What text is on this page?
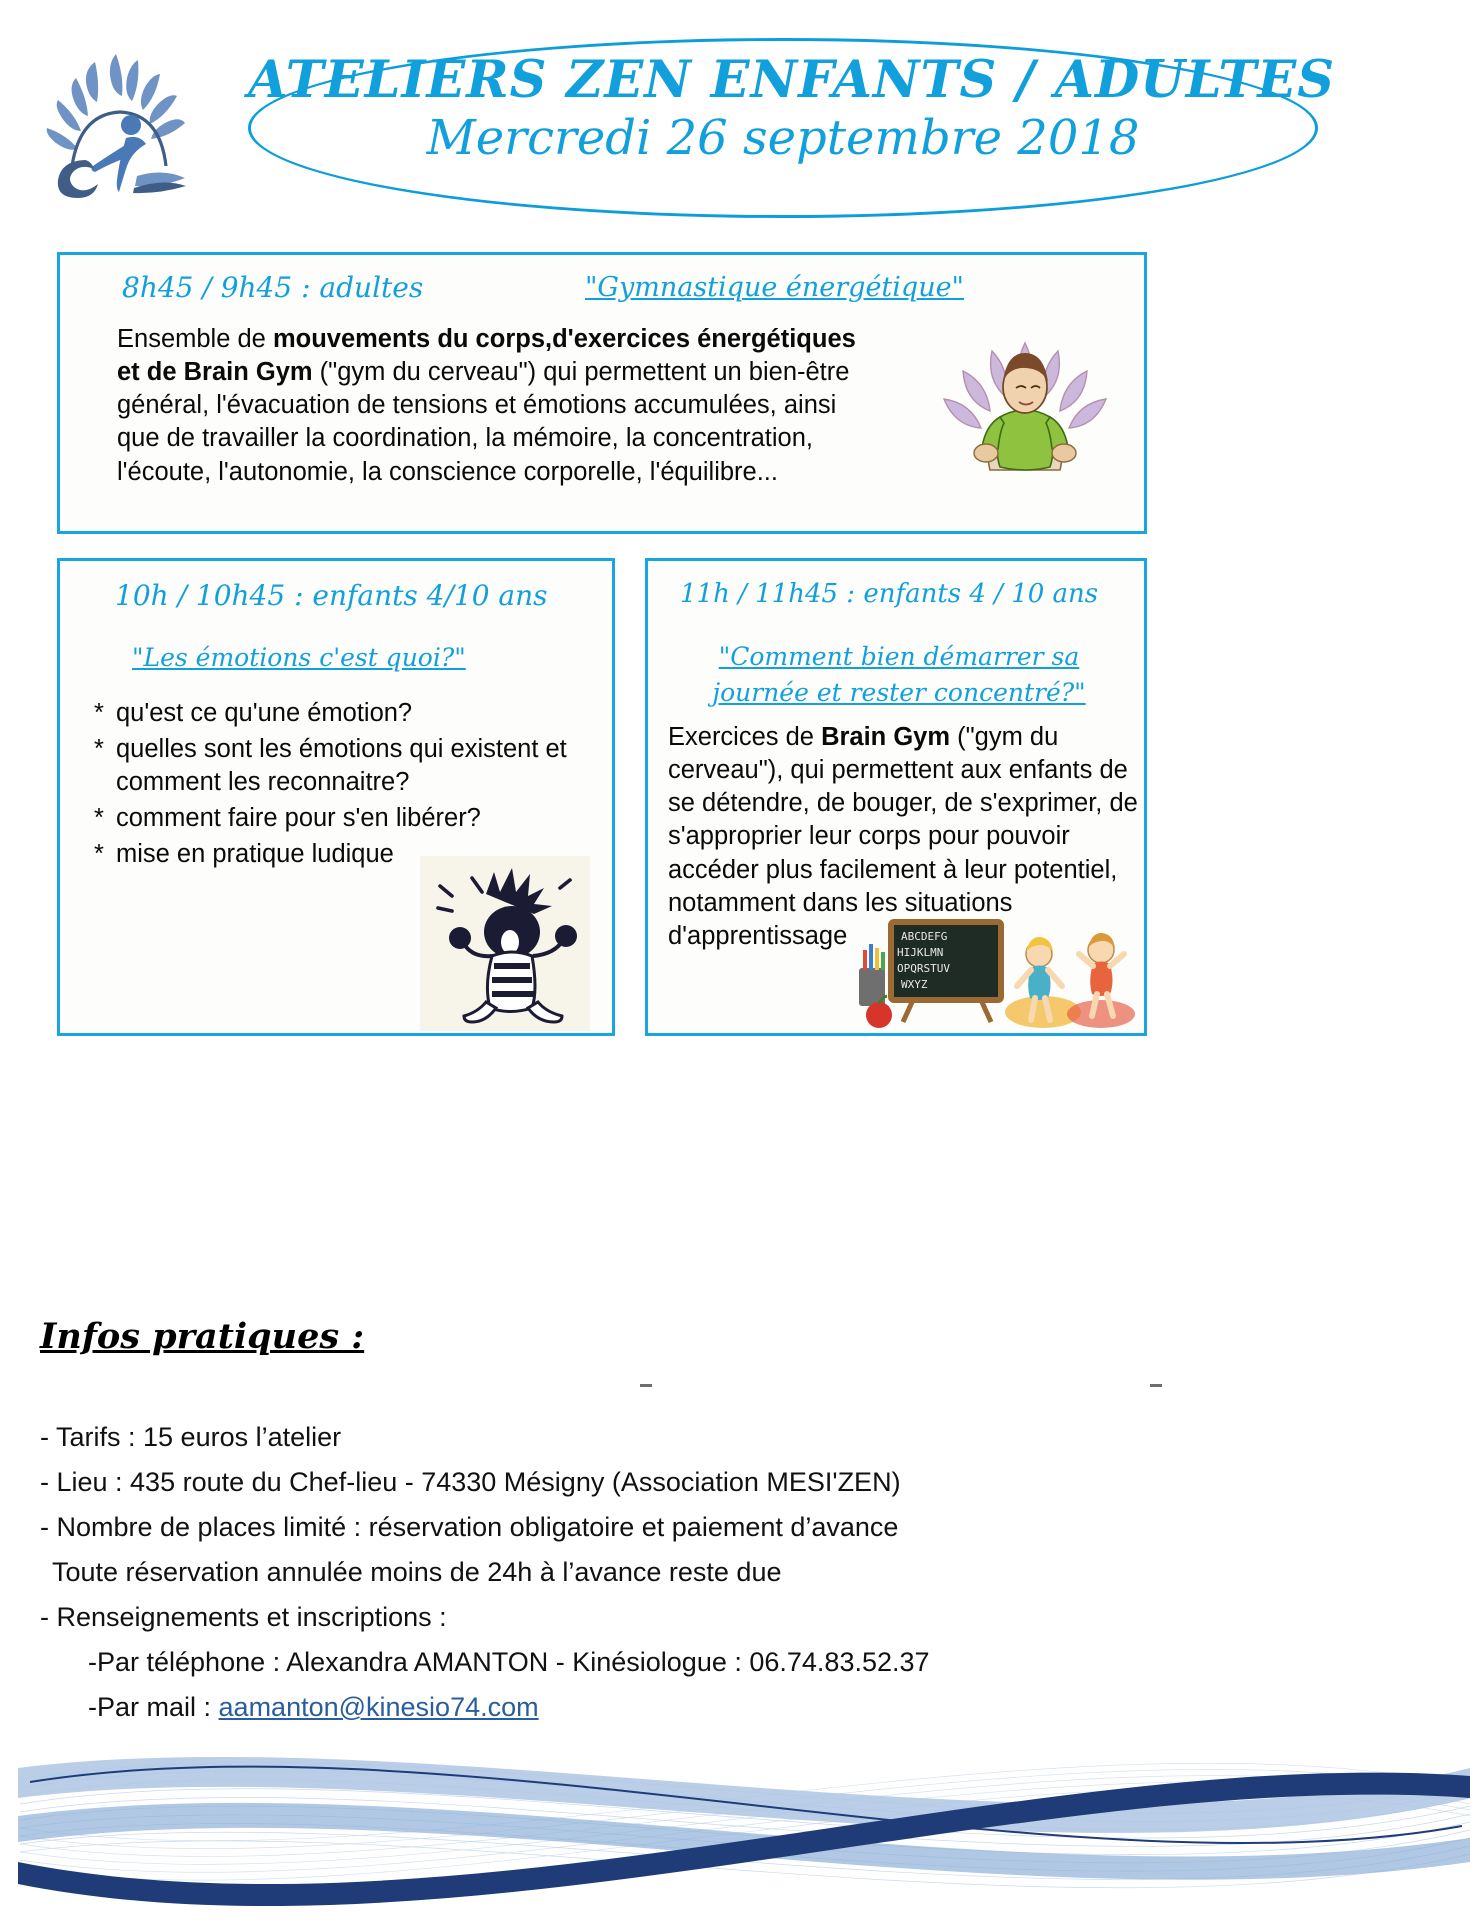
ATELIERS ZEN ENFANTS / ADULTES
Mercredi 26 septembre 2018
8h45 / 9h45 : adultes	"Gymnastique énergétique"
Ensemble de mouvements du corps,d'exercices énergétiques et de Brain Gym ("gym du cerveau") qui permettent un bien-être général, l'évacuation de tensions et émotions accumulées, ainsi que de travailler la coordination, la mémoire, la concentration, l'écoute, l'autonomie, la conscience corporelle, l'équilibre...
10h / 10h45 : enfants 4/10 ans
"Les émotions c'est quoi?"
* qu'est ce qu'une émotion?
* quelles sont les émotions qui existent et comment les reconnaitre?
* comment faire pour s'en libérer?
* mise en pratique ludique
11h / 11h45 : enfants 4 / 10 ans
"Comment bien démarrer sa journée et rester concentré?"
Exercices de Brain Gym ("gym du cerveau"), qui permettent aux enfants de se détendre, de bouger, de s'exprimer, de s'approprier leur corps pour pouvoir accéder plus facilement à leur potentiel, notamment dans les situations d'apprentissage	ABCDEFG
HIJKLMN
OPQRSTUV
WXYZ
Infos pratiques :
- Tarifs : 15 euros l’atelier
- Lieu : 435 route du Chef-lieu - 74330 Mésigny (Association MESI'ZEN)
- Nombre de places limité : réservation obligatoire et paiement d’avance
Toute réservation annulée moins de 24h à l’avance reste due
- Renseignements et inscriptions :
-Par téléphone : Alexandra AMANTON - Kinésiologue : 06.74.83.52.37
-Par mail : aamanton@kinesio74.com
